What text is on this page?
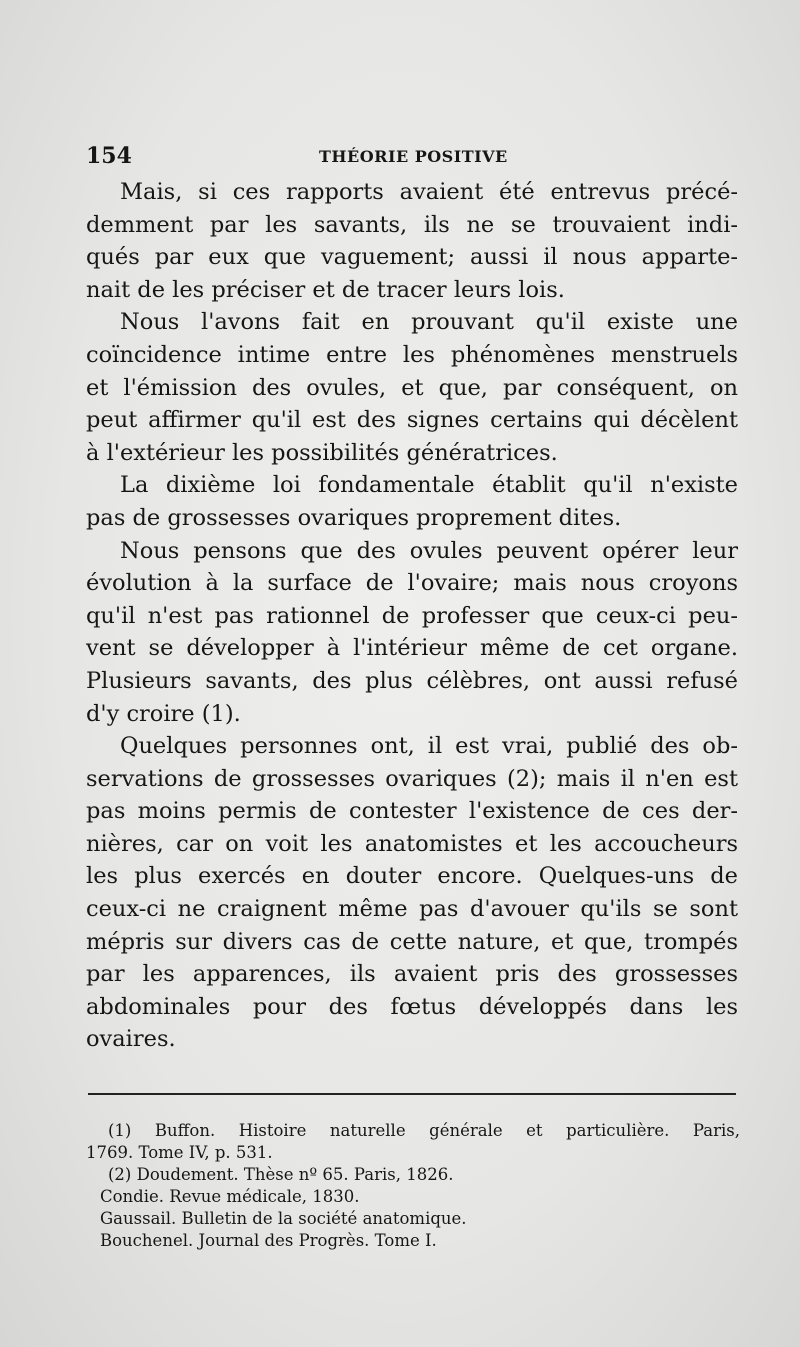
154	THÉORIE POSITIVE
Mais, si ces rapports avaient été entrevus précé-
demment par les savants, ils ne se trouvaient indi-
qués par eux que vaguement; aussi il nous apparte-
nait de les préciser et de tracer leurs lois.
Nous l'avons fait en prouvant qu'il existe une
coïncidence intime entre les phénomènes menstruels
et l'émission des ovules, et que, par conséquent, on
peut affirmer qu'il est des signes certains qui décèlent
à l'extérieur les possibilités génératrices.
La dixième loi fondamentale établit qu'il n'existe
pas de grossesses ovariques proprement dites.
Nous pensons que des ovules peuvent opérer leur
évolution à la surface de l'ovaire; mais nous croyons
qu'il n'est pas rationnel de professer que ceux-ci peu-
vent se développer à l'intérieur même de cet organe.
Plusieurs savants, des plus célèbres, ont aussi refusé
d'y croire (1).
Quelques personnes ont, il est vrai, publié des ob-
servations de grossesses ovariques (2); mais il n'en est
pas moins permis de contester l'existence de ces der-
nières, car on voit les anatomistes et les accoucheurs
les plus exercés en douter encore. Quelques-uns de
ceux-ci ne craignent même pas d'avouer qu'ils se sont
mépris sur divers cas de cette nature, et que, trompés
par les apparences, ils avaient pris des grossesses
abdominales pour des fœtus développés dans les
ovaires.
(1) Buffon. Histoire naturelle générale et particulière. Paris,
1769. Tome IV, p. 531.
(2) Doudement. Thèse nº 65. Paris, 1826.
Condie. Revue médicale, 1830.
Gaussail. Bulletin de la société anatomique.
Bouchenel. Journal des Progrès. Tome I.
